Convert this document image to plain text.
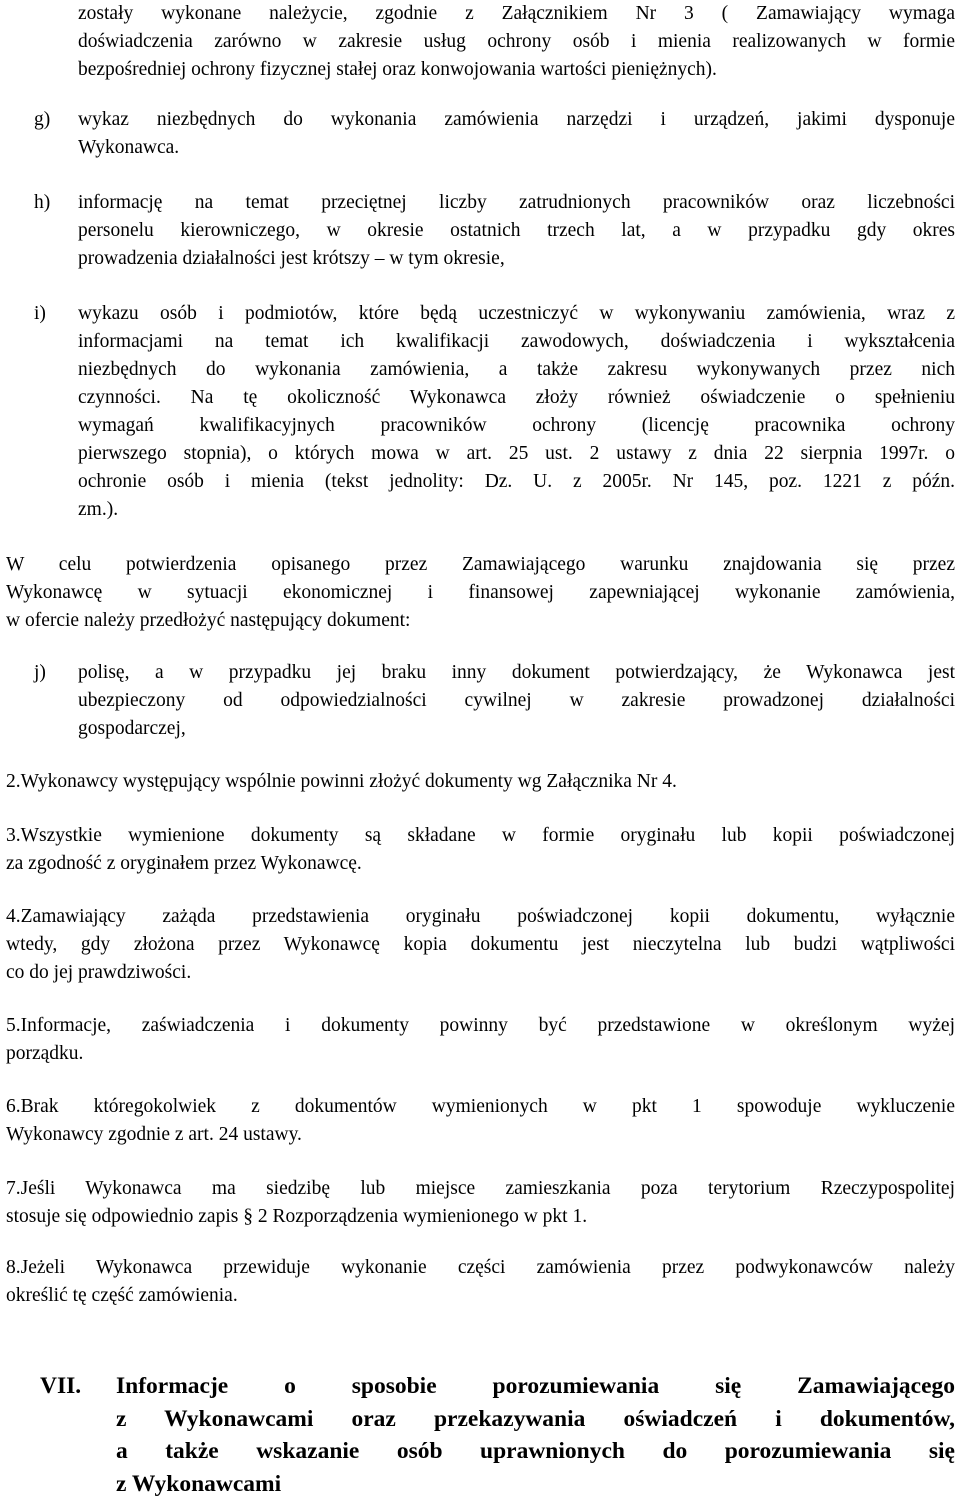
zostały wykonane należycie, zgodnie z Załącznikiem Nr 3 ( Zamawiający wymaga
doświadczenia zarówno w zakresie usług ochrony osób i mienia realizowanych w formie
bezpośredniej ochrony fizycznej stałej oraz konwojowania wartości pieniężnych).
g)	wykaz niezbędnych do wykonania zamówienia narzędzi i urządzeń, jakimi dysponuje
Wykonawca.
h)	informację na temat przeciętnej liczby zatrudnionych pracowników oraz liczebności
personelu kierowniczego, w okresie ostatnich trzech lat, a w przypadku gdy okres
prowadzenia działalności jest krótszy – w tym okresie,
i)	wykazu osób i podmiotów, które będą uczestniczyć w wykonywaniu zamówienia, wraz z
informacjami na temat ich kwalifikacji zawodowych, doświadczenia i wykształcenia
niezbędnych do wykonania zamówienia, a także zakresu wykonywanych przez nich
czynności. Na tę okoliczność Wykonawca złoży również oświadczenie o spełnieniu
wymagań kwalifikacyjnych pracowników ochrony (licencję pracownika ochrony
pierwszego stopnia), o których mowa w art. 25 ust. 2 ustawy z dnia 22 sierpnia 1997r. o
ochronie osób i mienia (tekst jednolity: Dz. U. z 2005r. Nr 145, poz. 1221 z późn.
zm.).
W celu potwierdzenia opisanego przez Zamawiającego warunku znajdowania się przez
Wykonawcę w sytuacji ekonomicznej i finansowej zapewniającej wykonanie zamówienia,
w ofercie należy przedłożyć następujący dokument:
j)	polisę, a w przypadku jej braku inny dokument potwierdzający, że Wykonawca jest
ubezpieczony od odpowiedzialności cywilnej w zakresie prowadzonej działalności
gospodarczej,
2.Wykonawcy występujący wspólnie powinni złożyć dokumenty wg Załącznika Nr 4.
3.Wszystkie wymienione dokumenty są składane w formie oryginału lub kopii poświadczonej
za zgodność z oryginałem przez Wykonawcę.
4.Zamawiający zażąda przedstawienia oryginału poświadczonej kopii dokumentu, wyłącznie
wtedy, gdy złożona przez Wykonawcę kopia dokumentu jest nieczytelna lub budzi wątpliwości
co do jej prawdziwości.
5.Informacje, zaświadczenia i dokumenty powinny być przedstawione w określonym wyżej
porządku.
6.Brak któregokolwiek z dokumentów wymienionych w pkt 1 spowoduje wykluczenie
Wykonawcy zgodnie z art. 24 ustawy.
7.Jeśli Wykonawca ma siedzibę lub miejsce zamieszkania poza terytorium Rzeczypospolitej
stosuje się odpowiednio zapis § 2 Rozporządzenia wymienionego w pkt 1.
8.Jeżeli Wykonawca przewiduje wykonanie części zamówienia przez podwykonawców należy
określić tę część zamówienia.
VII.	Informacje o sposobie porozumiewania się Zamawiającego
z Wykonawcami oraz przekazywania oświadczeń i dokumentów,
a także wskazanie osób uprawnionych do porozumiewania się
z Wykonawcami
